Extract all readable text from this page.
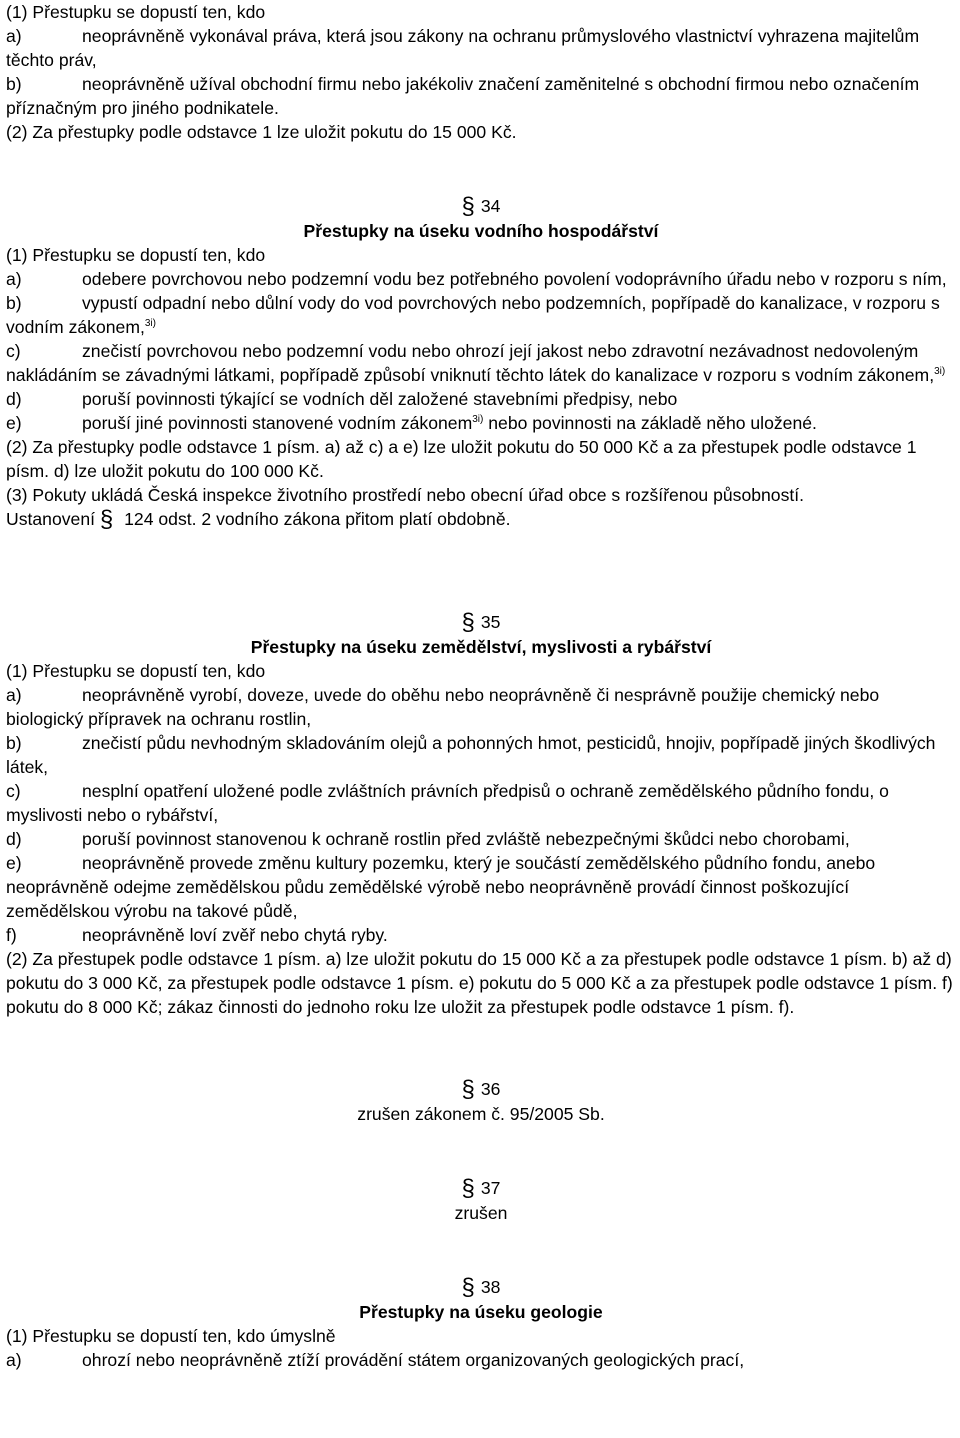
(1) Přestupku se dopustí ten, kdo

a)	neoprávněně vykonával práva, která jsou zákony na ochranu průmyslového vlastnictví vyhrazena majitelům těchto práv,

b)	neoprávněně užíval obchodní firmu nebo jakékoliv značení zaměnitelné s obchodní firmou nebo označením příznačným pro jiného podnikatele.

(2) Za přestupky podle odstavce 1 lze uložit pokutu do 15 000 Kč.

§ 34

Přestupky na úseku vodního hospodářství

(1) Přestupku se dopustí ten, kdo

a)	odebere povrchovou nebo podzemní vodu bez potřebného povolení vodoprávního úřadu nebo v rozporu s ním,

b)	vypustí odpadní nebo důlní vody do vod povrchových nebo podzemních, popřípadě do kanalizace, v rozporu s vodním zákonem,$^{3i)}$

c)	znečistí povrchovou nebo podzemní vodu nebo ohrozí její jakost nebo zdravotní nezávadnost nedovoleným nakládáním se závadnými látkami, popřípadě způsobí vniknutí těchto látek do kanalizace v rozporu s vodním zákonem,$^{3i)}$

d)	poruší povinnosti týkající se vodních děl založené stavebními předpisy, nebo

e)	poruší jiné povinnosti stanovené vodním zákonem$^{3i)}$ nebo povinnosti na základě něho uložené.

(2) Za přestupky podle odstavce 1 písm. a) až c) a e) lze uložit pokutu do 50 000 Kč a za přestupek podle odstavce 1 písm. d) lze uložit pokutu do 100 000 Kč.

(3) Pokuty ukládá Česká inspekce životního prostředí nebo obecní úřad obce s rozšířenou působností.

Ustanovení § 124 odst. 2 vodního zákona přitom platí obdobně.

§ 35

Přestupky na úseku zemědělství, myslivosti a rybářství

(1) Přestupku se dopustí ten, kdo

a)	neoprávněně vyrobí, doveze, uvede do oběhu nebo neoprávněně či nesprávně použije chemický nebo biologický přípravek na ochranu rostlin,

b)	znečistí půdu nevhodným skladováním olejů a pohonných hmot, pesticidů, hnojiv, popřípadě jiných škodlivých látek,

c)	nesplní opatření uložené podle zvláštních právních předpisů o ochraně zemědělského půdního fondu, o myslivosti nebo o rybářství,

d)	poruší povinnost stanovenou k ochraně rostlin před zvláště nebezpečnými škůdci nebo chorobami,

e)	neoprávněně provede změnu kultury pozemku, který je součástí zemědělského půdního fondu, anebo neoprávněně odejme zemědělskou půdu zemědělské výrobě nebo neoprávněně provádí činnost poškozující zemědělskou výrobu na takové půdě,

f)	neoprávněně loví zvěř nebo chytá ryby.

(2) Za přestupek podle odstavce 1 písm. a) lze uložit pokutu do 15 000 Kč a za přestupek podle odstavce 1 písm. b) až d) pokutu do 3 000 Kč, za přestupek podle odstavce 1 písm. e) pokutu do 5 000 Kč a za přestupek podle odstavce 1 písm. f) pokutu do 8 000 Kč; zákaz činnosti do jednoho roku lze uložit za přestupek podle odstavce 1 písm. f).

§ 36

zrušen zákonem č. 95/2005 Sb.

§ 37

zrušen

§ 38

Přestupky na úseku geologie

(1) Přestupku se dopustí ten, kdo úmyslně

a)	ohrozí nebo neoprávněně ztíží provádění státem organizovaných geologických prací,
